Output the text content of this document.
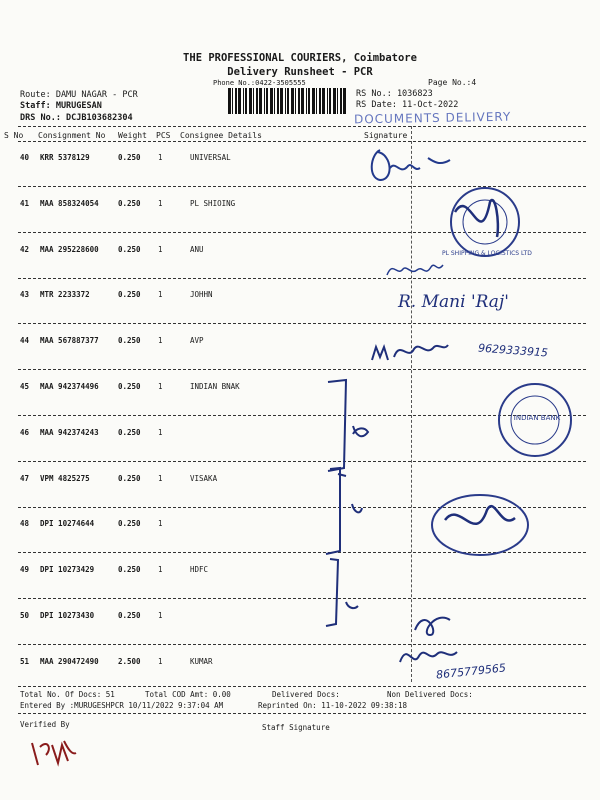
THE PROFESSIONAL COURIERS, Coimbatore
Delivery Runsheet - PCR
Phone No.:0422-3505555	Page No.:4
Route: DAMU NAGAR - PCR
Staff: MURUGESAN
DRS No.: DCJB103682304
RS No.: 1036823
RS Date: 11-Oct-2022
DOCUMENTS DELIVERY
S No Consignment No Weight PCS Consignee Details	Signature
40 KRR 5378129	0.250 1	UNIVERSAL
41 MAA 858324054	0.250 1	PL SHIOING
42 MAA 295228600	0.250 1	ANU
43 MTR 2233372	0.250 1	JOHHN
44 MAA 567887377	0.250 1	AVP
45 MAA 942374496	0.250 1	INDIAN BNAK
46 MAA 942374243	0.250 1
47 VPM 4825275	0.250 1	VISAKA
48 DPI 10274644	0.250 1
49 DPI 10273429	0.250 1	HDFC
50 DPI 10273430	0.250 1
51 MAA 290472490	2.500 1	KUMAR
PL SHIPPING & LOGISTICS LTD
R. Mani 'Raj'
9629333915
INDIAN BANK
8675779565
Total No. Of Docs: 51	Total COD Amt: 0.00	Delivered Docs:	Non Delivered Docs:
Entered By :MURUGESHPCR 10/11/2022 9:37:04 AM	Reprinted On: 11-10-2022 09:38:18
Verified By	Staff Signature
